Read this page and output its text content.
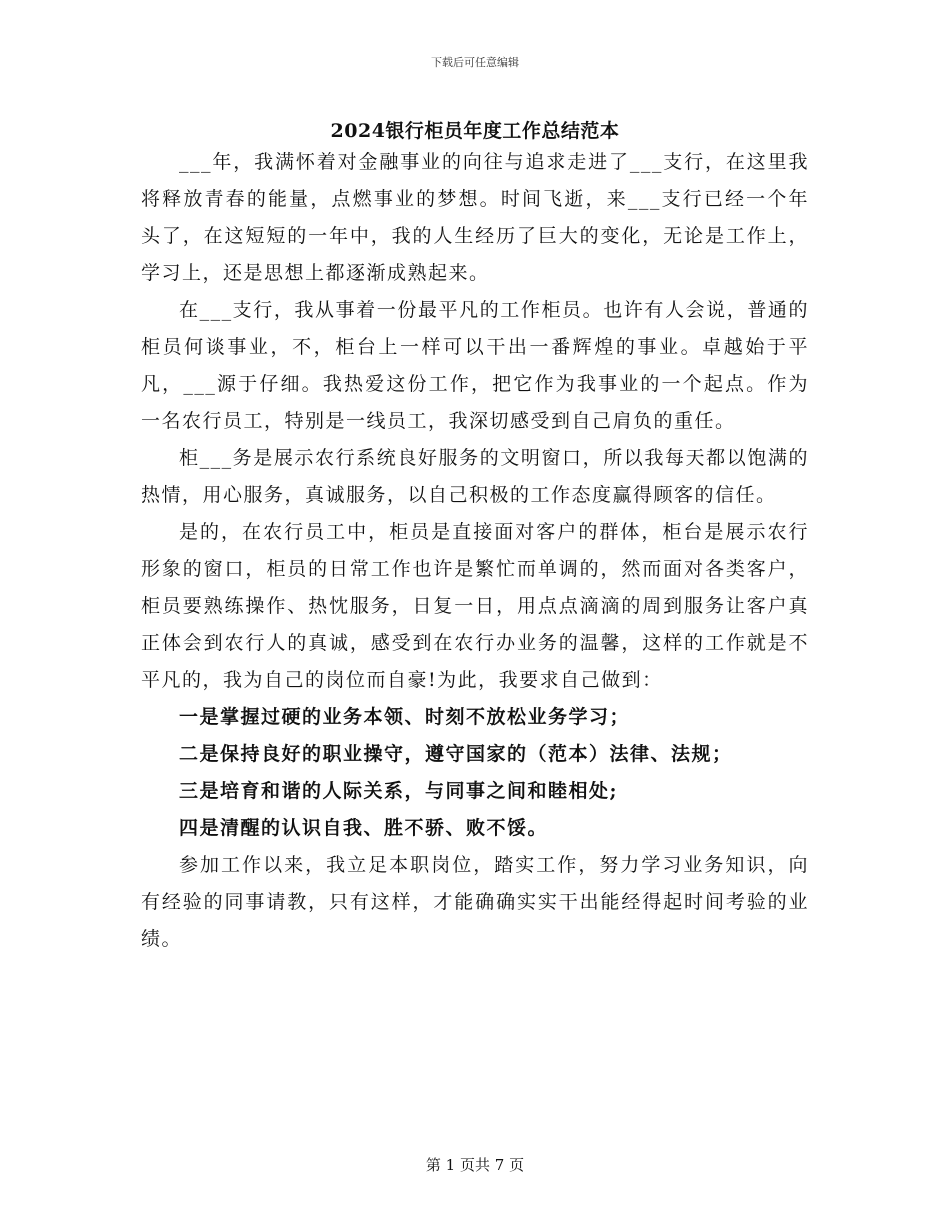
下载后可任意编辑
2024银行柜员年度工作总结范本

___年，我满怀着对金融事业的向往与追求走进了___支行，在这里我将释放青春的能量，点燃事业的梦想。时间飞逝，来___支行已经一个年头了，在这短短的一年中，我的人生经历了巨大的变化，无论是工作上，学习上，还是思想上都逐渐成熟起来。

在___支行，我从事着一份最平凡的工作柜员。也许有人会说，普通的柜员何谈事业，不，柜台上一样可以干出一番辉煌的事业。卓越始于平凡，___源于仔细。我热爱这份工作，把它作为我事业的一个起点。作为一名农行员工，特别是一线员工，我深切感受到自己肩负的重任。

柜___务是展示农行系统良好服务的文明窗口，所以我每天都以饱满的热情，用心服务，真诚服务，以自己积极的工作态度赢得顾客的信任。

是的，在农行员工中，柜员是直接面对客户的群体，柜台是展示农行形象的窗口，柜员的日常工作也许是繁忙而单调的，然而面对各类客户，柜员要熟练操作、热忱服务，日复一日，用点点滴滴的周到服务让客户真正体会到农行人的真诚，感受到在农行办业务的温馨，这样的工作就是不平凡的，我为自己的岗位而自豪!为此，我要求自己做到：

一是掌握过硬的业务本领、时刻不放松业务学习；

二是保持良好的职业操守，遵守国家的（范本）法律、法规；

三是培育和谐的人际关系，与同事之间和睦相处;

四是清醒的认识自我、胜不骄、败不馁。

参加工作以来，我立足本职岗位，踏实工作，努力学习业务知识，向有经验的同事请教，只有这样，才能确确实实干出能经得起时间考验的业绩。

第 1 页共 7 页
